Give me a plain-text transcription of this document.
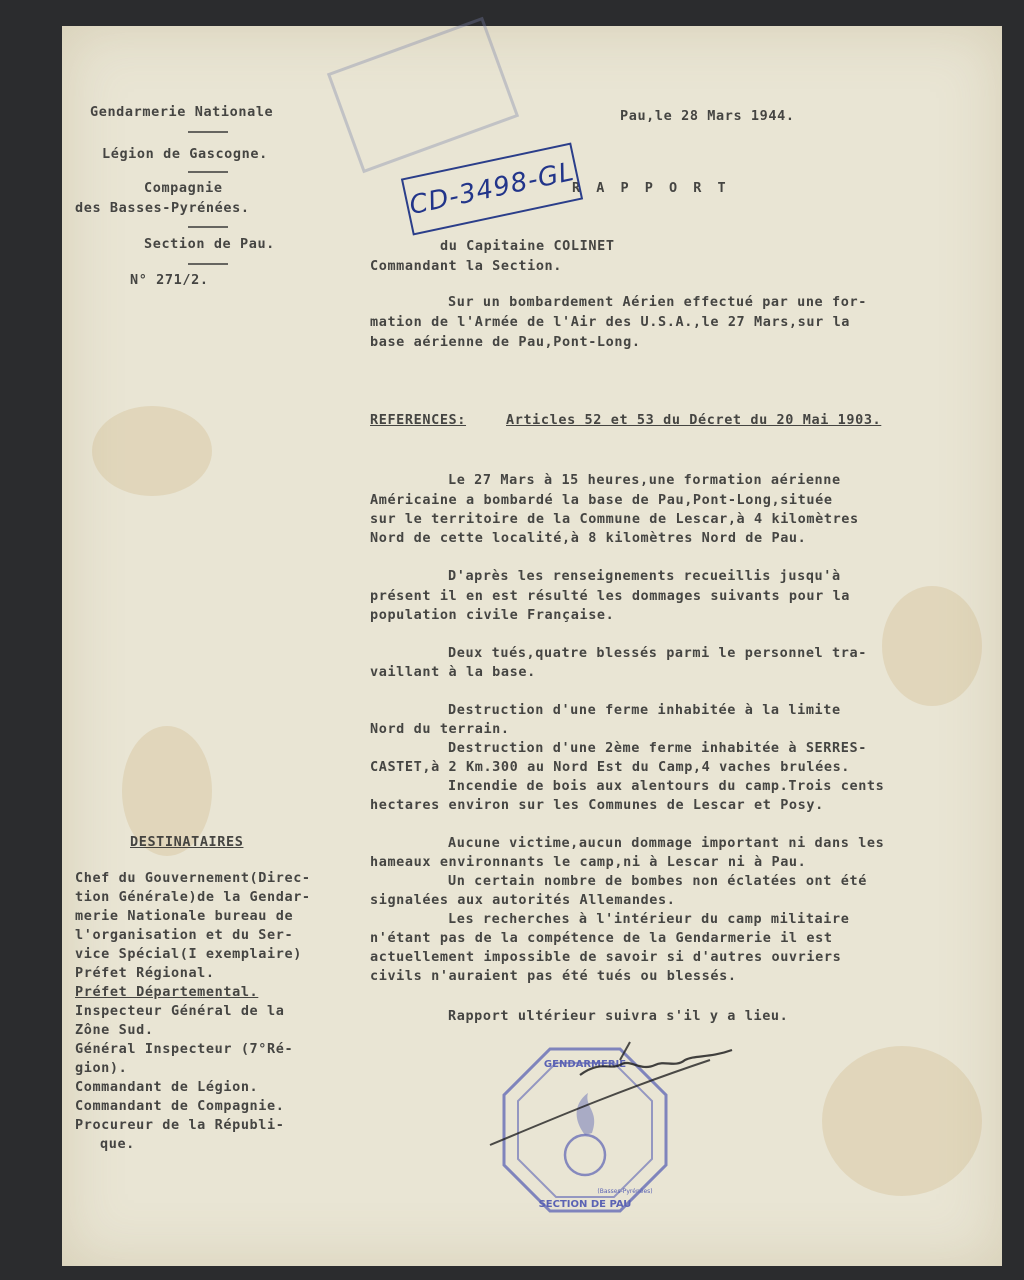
Gendarmerie Nationale
Légion de Gascogne.
Compagnie
des Basses-Pyrénées.
Section de Pau.
N° 271/2.
Pau,le 28 Mars 1944.
R A P P O R T
CD-3498-GL
du Capitaine COLINET
Commandant la Section.
Sur un bombardement Aérien effectué par une for-
mation de l'Armée de l'Air des U.S.A.,le 27 Mars,sur la
base aérienne de Pau,Pont-Long.
REFERENCES:	Articles 52 et 53 du Décret du 20 Mai 1903.
Le 27 Mars à 15 heures,une formation aérienne
Américaine a bombardé la base de Pau,Pont-Long,située
sur le territoire de la Commune de Lescar,à 4 kilomètres
Nord de cette localité,à 8 kilomètres Nord de Pau.
D'après les renseignements recueillis jusqu'à
présent il en est résulté les dommages suivants pour la
population civile Française.
Deux tués,quatre blessés parmi le personnel tra-
vaillant à la base.
Destruction d'une ferme inhabitée à la limite
Nord du terrain.
Destruction d'une 2ème ferme inhabitée à SERRES-
CASTET,à 2 Km.300 au Nord Est du Camp,4 vaches brulées.
Incendie de bois aux alentours du camp.Trois cents
hectares environ sur les Communes de Lescar et Posy.
Aucune victime,aucun dommage important ni dans les
hameaux environnants le camp,ni à Lescar ni à Pau.
Un certain nombre de bombes non éclatées ont été
signalées aux autorités Allemandes.
Les recherches à l'intérieur du camp militaire
n'étant pas de la compétence de la Gendarmerie il est
actuellement impossible de savoir si d'autres ouvriers
civils n'auraient pas été tués ou blessés.
Rapport ultérieur suivra s'il y a lieu.
DESTINATAIRES
Chef du Gouvernement(Direc-
tion Générale)de la Gendar-
merie Nationale bureau de
l'organisation et du Ser-
vice Spécial(I exemplaire)
Préfet Régional.
Préfet Départemental.
Inspecteur Général de la
Zône Sud.
Général Inspecteur (7°Ré-
gion).
Commandant de Légion.
Commandant de Compagnie.
Procureur de la Républi-
que.
GENDARMERIE
SECTION DE PAU
(Basses-Pyrénées)
